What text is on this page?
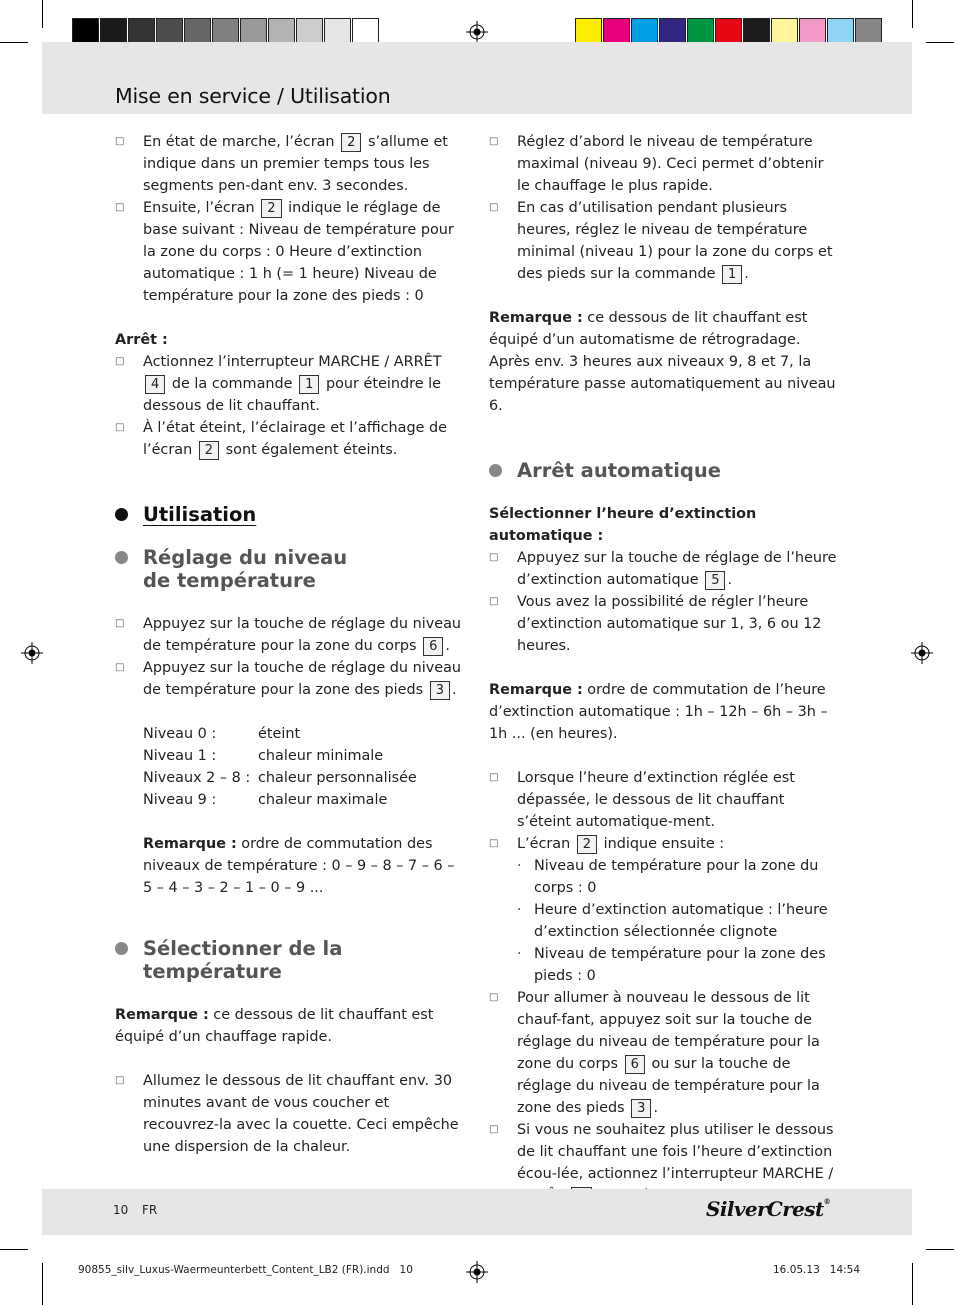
Mise en service / Utilisation
□ En état de marche, l’écran 2 s’allume et indique dans un premier temps tous les segments pen-dant env. 3 secondes.
□ Ensuite, l’écran 2 indique le réglage de base suivant : Niveau de température pour la zone du corps : 0 Heure d’extinction automatique : 1 h (= 1 heure) Niveau de température pour la zone des pieds : 0
Arrêt :
□ Actionnez l’interrupteur MARCHE / ARRÊT 4 de la commande 1 pour éteindre le dessous de lit chauffant.
□ À l’état éteint, l’éclairage et l’affichage de l’écran 2 sont également éteints.
Utilisation
Réglage du niveau de température
□ Appuyez sur la touche de réglage du niveau de température pour la zone du corps 6 .
□ Appuyez sur la touche de réglage du niveau de température pour la zone des pieds 3 .
Niveau 0 :	éteint
Niveau 1 :	chaleur minimale
Niveaux 2 – 8 : chaleur personnalisée
Niveau 9 :	chaleur maximale
Remarque : ordre de commutation des niveaux de température : 0 – 9 – 8 – 7 – 6 – 5 – 4 – 3 – 2 – 1 – 0 – 9 ...
Sélectionner de la température
Remarque : ce dessous de lit chauffant est équipé d’un chauffage rapide.
□ Allumez le dessous de lit chauffant env. 30 minutes avant de vous coucher et recouvrez-la avec la couette. Ceci empêche une dispersion de la chaleur.
□ Réglez d’abord le niveau de température maximal (niveau 9). Ceci permet d’obtenir le chauffage le plus rapide.
□ En cas d’utilisation pendant plusieurs heures, réglez le niveau de température minimal (niveau 1) pour la zone du corps et des pieds sur la commande 1 .
Remarque : ce dessous de lit chauffant est équipé d’un automatisme de rétrogradage. Après env. 3 heures aux niveaux 9, 8 et 7, la température passe automatiquement au niveau 6.
Arrêt automatique
Sélectionner l’heure d’extinction automatique :
□ Appuyez sur la touche de réglage de l’heure d’extinction automatique 5 .
□ Vous avez la possibilité de régler l’heure d’extinction automatique sur 1, 3, 6 ou 12 heures.
Remarque : ordre de commutation de l’heure d’extinction automatique : 1h – 12h – 6h – 3h – 1h ... (en heures).
□ Lorsque l’heure d’extinction réglée est dépassée, le dessous de lit chauffant s’éteint automatique-ment.
□ L’écran 2 indique ensuite :
· Niveau de température pour la zone du corps : 0
· Heure d’extinction automatique : l’heure d’extinction sélectionnée clignote
· Niveau de température pour la zone des pieds : 0
□ Pour allumer à nouveau le dessous de lit chauf-fant, appuyez soit sur la touche de réglage du niveau de température pour la zone du corps 6 ou sur la touche de réglage du niveau de température pour la zone des pieds 3 .
□ Si vous ne souhaitez plus utiliser le dessous de lit chauffant une fois l’heure d’extinction écou-lée, actionnez l’interrupteur MARCHE /
10 FR	SilverCrest®
90855_silv_Luxus-Waermeunterbett_Content_LB2 (FR).indd   10	16.05.13   14:54
